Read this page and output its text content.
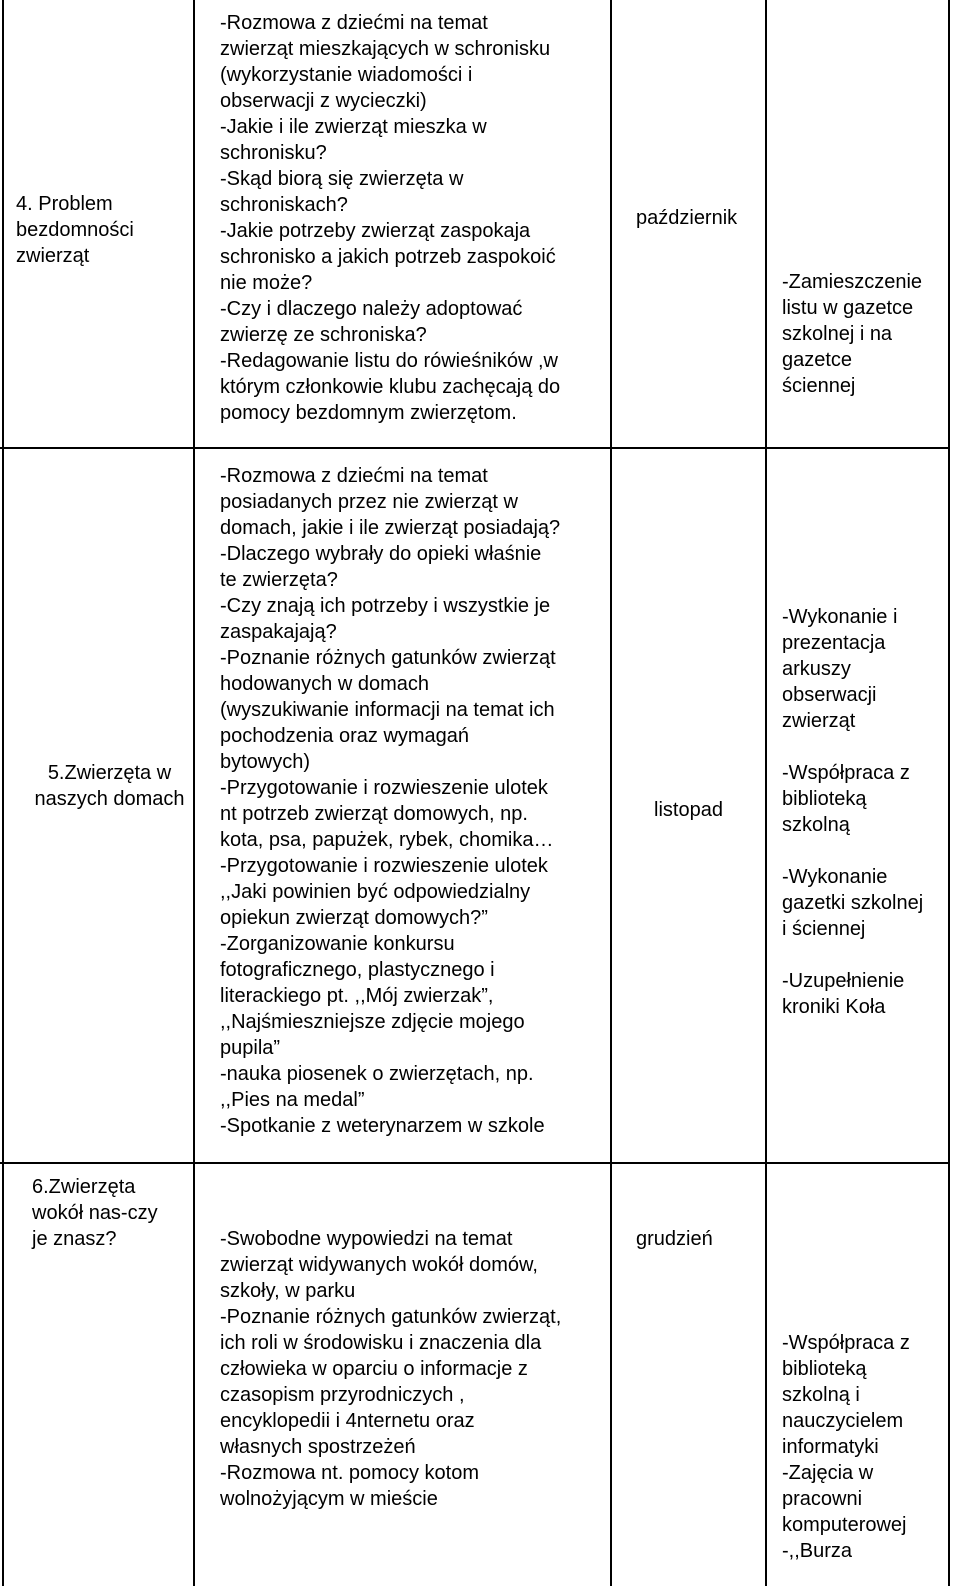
4. Problem bezdomności zwierząt

-Rozmowa z dziećmi na temat

zwierząt mieszkających w schronisku

(wykorzystanie wiadomości i

obserwacji z wycieczki)

-Jakie i ile zwierząt mieszka w

schronisku?

-Skąd biorą się zwierzęta w

schroniskach?

-Jakie potrzeby zwierząt zaspokaja

schronisko a jakich potrzeb zaspokoić

nie może?

-Czy i dlaczego należy adoptować

zwierzę ze schroniska?

-Redagowanie listu do rówieśników ,w

którym członkowie klubu zachęcają do

pomocy bezdomnym zwierzętom.

październik

-Zamieszczenie

listu w gazetce

szkolnej i na

gazetce

ściennej

5.Zwierzęta w naszych domach

-Rozmowa z dziećmi na temat

posiadanych przez nie zwierząt w

domach, jakie i ile zwierząt posiadają?

-Dlaczego wybrały do opieki właśnie

te zwierzęta?

-Czy znają ich potrzeby i wszystkie je

zaspakajają?

-Poznanie różnych gatunków zwierząt

hodowanych w domach

(wyszukiwanie informacji na temat ich

pochodzenia oraz wymagań

bytowych)

-Przygotowanie i rozwieszenie ulotek

nt potrzeb zwierząt domowych, np.

kota, psa, papużek, rybek, chomika…

-Przygotowanie i rozwieszenie ulotek

,,Jaki powinien być odpowiedzialny

opiekun zwierząt domowych?”

-Zorganizowanie konkursu

fotograficznego, plastycznego i

literackiego pt. ,,Mój zwierzak”,

,,Najśmieszniejsze zdjęcie mojego

pupila”

-nauka piosenek o zwierzętach, np.

,,Pies na medal”

-Spotkanie z weterynarzem w szkole

listopad

-Wykonanie i

prezentacja

arkuszy

obserwacji

zwierząt

-Współpraca z

biblioteką

szkolną

-Wykonanie

gazetki szkolnej

i ściennej

-Uzupełnienie

kroniki Koła

6.Zwierzęta

wokół nas-czy

je znasz?	-Swobodne wypowiedzi na temat

zwierząt widywanych wokół domów,

szkoły, w parku

-Poznanie różnych gatunków zwierząt,

ich roli w środowisku i znaczenia dla

człowieka w oparciu o informacje z

czasopism przyrodniczych ,

encyklopedii i 4nternetu oraz

własnych spostrzeżeń

-Rozmowa nt. pomocy kotom

wolnożyjącym w mieście

grudzień

-Współpraca z

biblioteką

szkolną i

nauczycielem

informatyki

-Zajęcia w

pracowni

komputerowej

-,,Burza
